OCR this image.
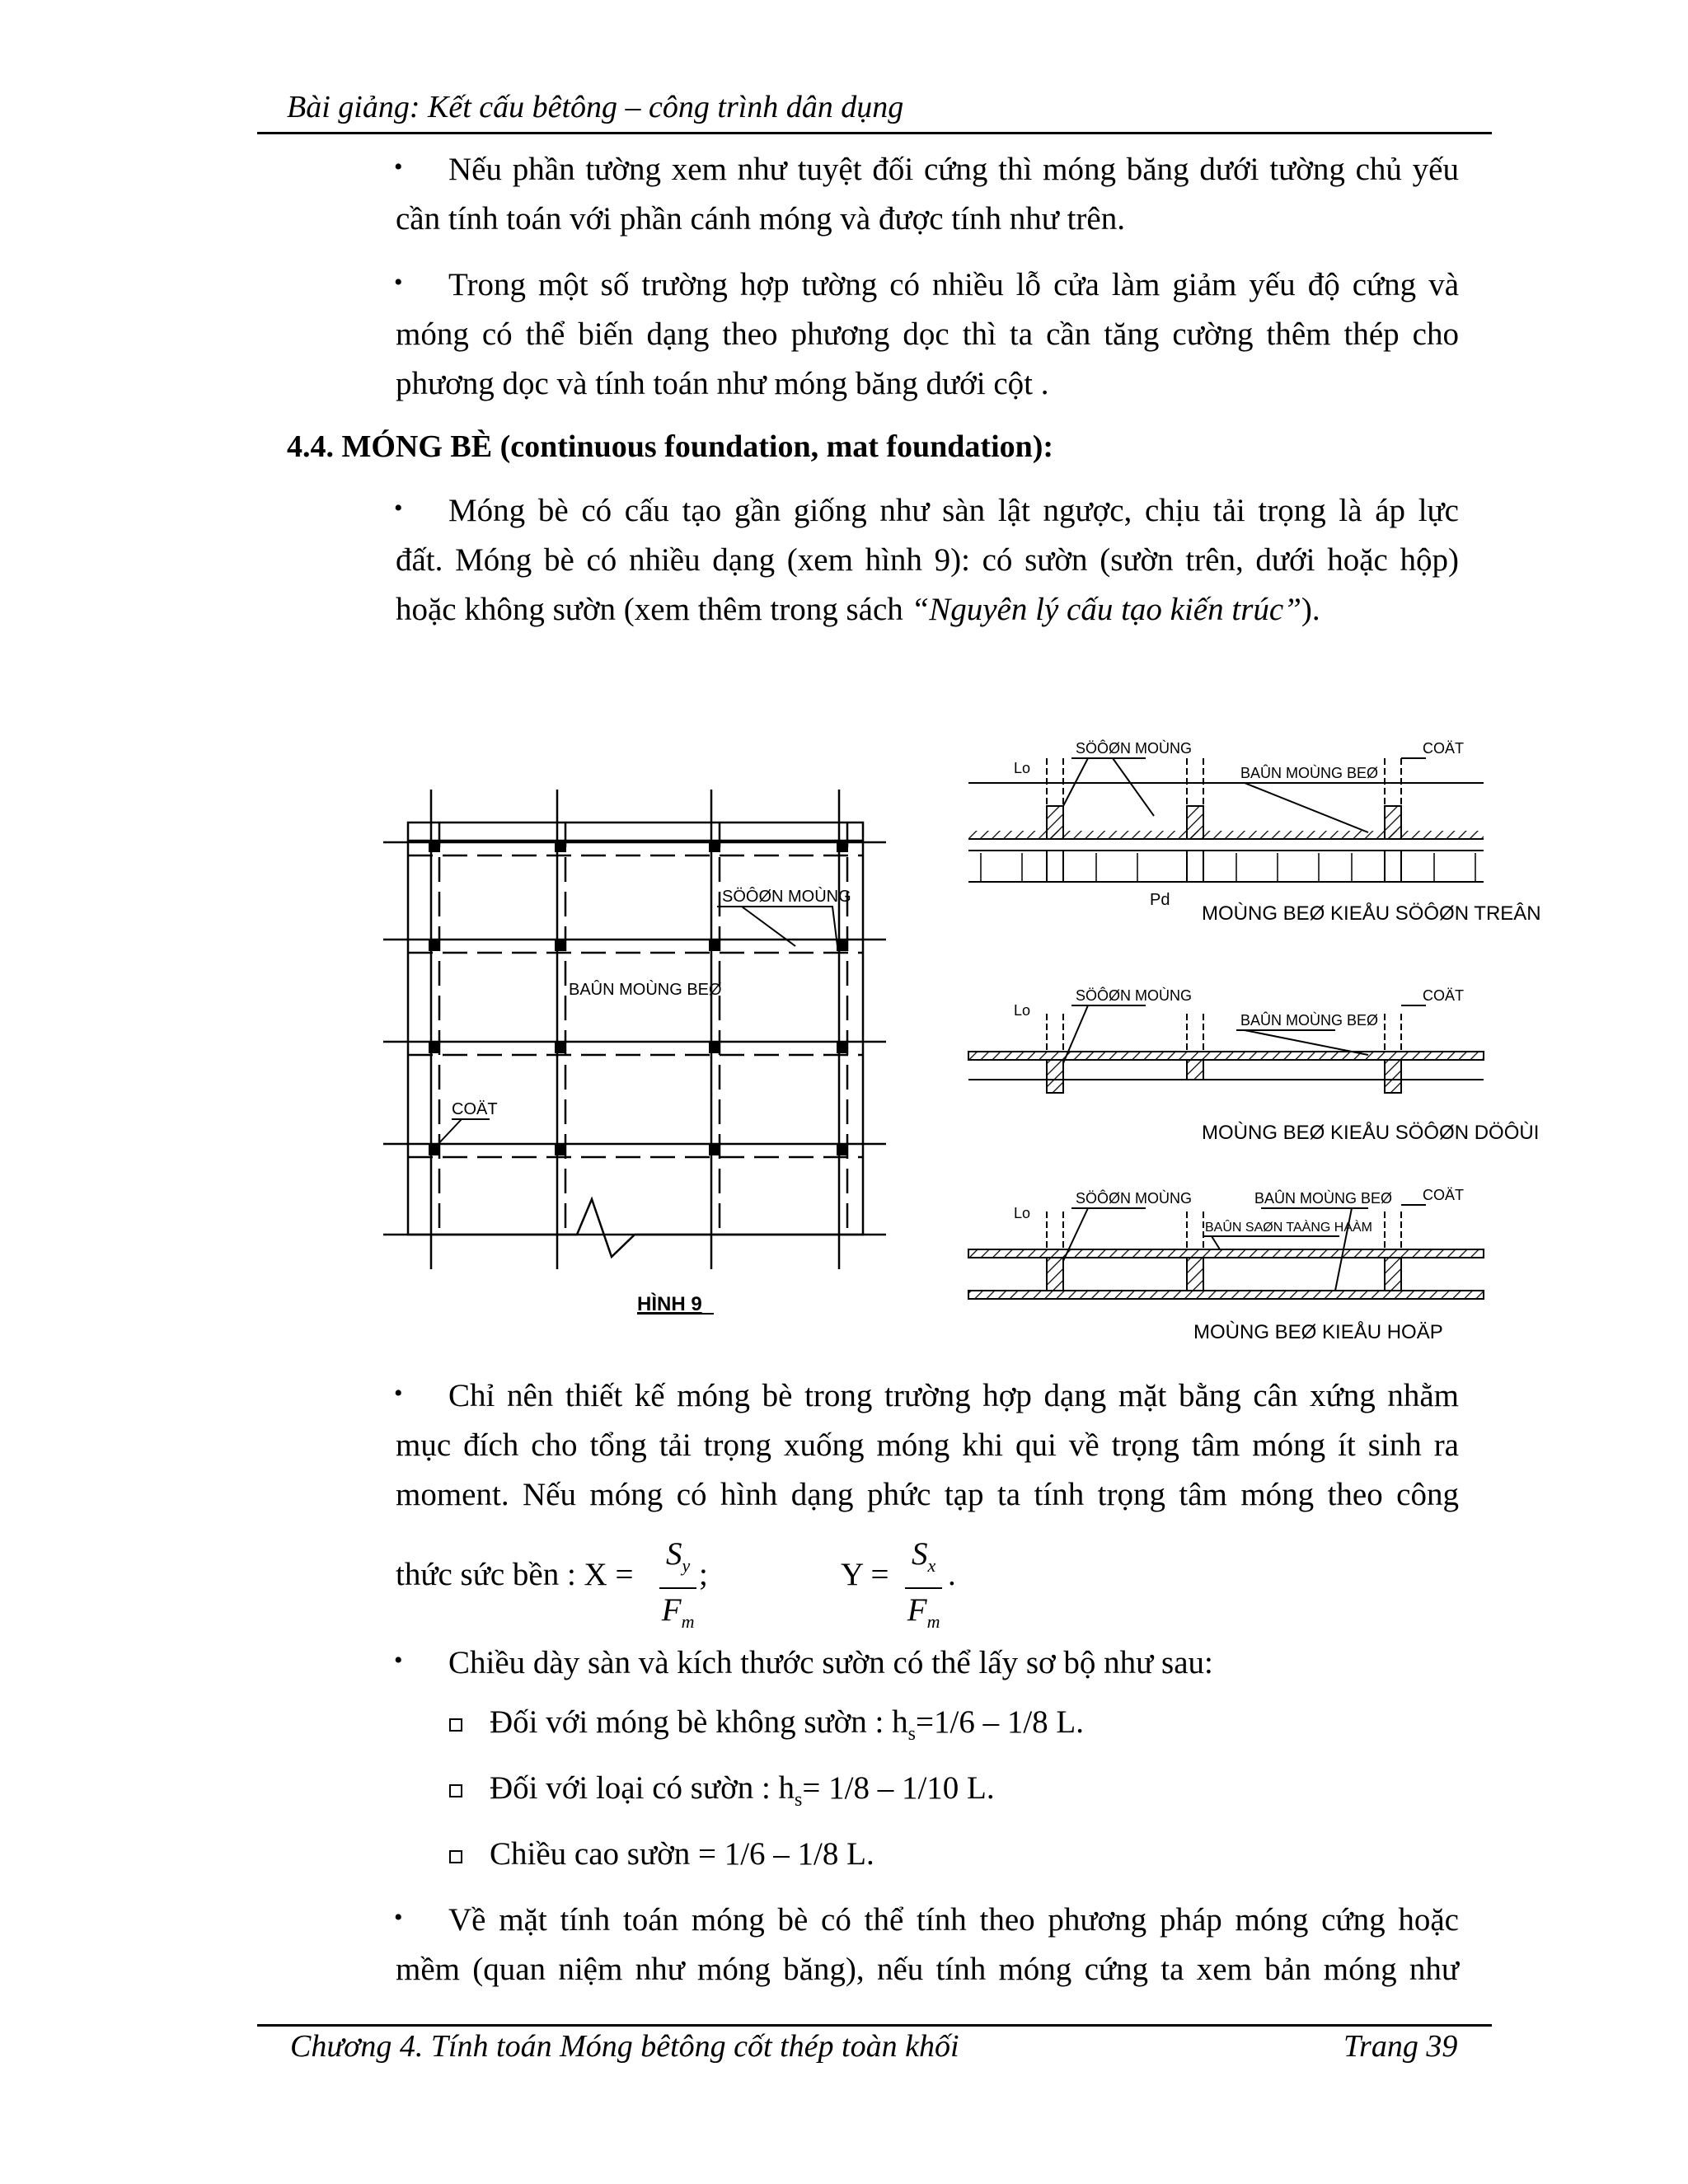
Bài giảng: Kết cấu bêtông – công trình dân dụng
•	Nếu phần tường xem như tuyệt đối cứng thì móng băng dưới tường chủ yếu
cần tính toán với phần cánh móng và được tính như trên.
•	Trong một số trường hợp tường có nhiều lỗ cửa làm giảm yếu độ cứng và
móng có thể biến dạng theo phương dọc thì ta cần tăng cường thêm thép cho
phương dọc và tính toán như móng băng dưới cột .
4.4. MÓNG BÈ (continuous foundation, mat foundation):
•	Móng bè có cấu tạo gần giống như sàn lật ngược, chịu tải trọng là áp lực
đất. Móng bè có nhiều dạng (xem hình 9): có sườn (sườn trên, dưới hoặc hộp)
hoặc không sườn (xem thêm trong sách “Nguyên lý cấu tạo kiến trúc”).
SÖÔØN MOÙNG
BAÛN MOÙNG BEØ
COÄT
HÌNH 9
Lo
SÖÔØN MOÙNG
BAÛN MOÙNG BEØ
COÄT
Pd
MOÙNG BEØ KIEÅU SÖÔØN TREÂN
Lo
SÖÔØN MOÙNG
BAÛN MOÙNG BEØ
COÄT
MOÙNG BEØ KIEÅU SÖÔØN DÖÔÙI
Lo
SÖÔØN MOÙNG	BAÛN MOÙNG BEØ
BAÛN SAØN TAÀNG HAÀM
COÄT
MOÙNG BEØ KIEÅU HOÄP
•	Chỉ nên thiết kế móng bè trong trường hợp dạng mặt bằng cân xứng nhằm
mục đích cho tổng tải trọng xuống móng khi qui về trọng tâm móng ít sinh ra
moment. Nếu móng có hình dạng phức tạp ta tính trọng tâm móng theo công
thức sức bền : $X = \frac{S_y}{F_m}$ ;	$Y = \frac{S_x}{F_m}$ .
•	Chiều dày sàn và kích thước sườn có thể lấy sơ bộ như sau:
Đối với móng bè không sườn : $h_s=1/6 - 1/8$ L.
Đối với loại có sườn : $h_s= 1/8 - 1/10$ L.
Chiều cao sườn = 1/6 – 1/8 L.
•	Về mặt tính toán móng bè có thể tính theo phương pháp móng cứng hoặc
mềm (quan niệm như móng băng), nếu tính móng cứng ta xem bản móng như
Chương 4. Tính toán Móng bêtông cốt thép toàn khối	Trang 39
